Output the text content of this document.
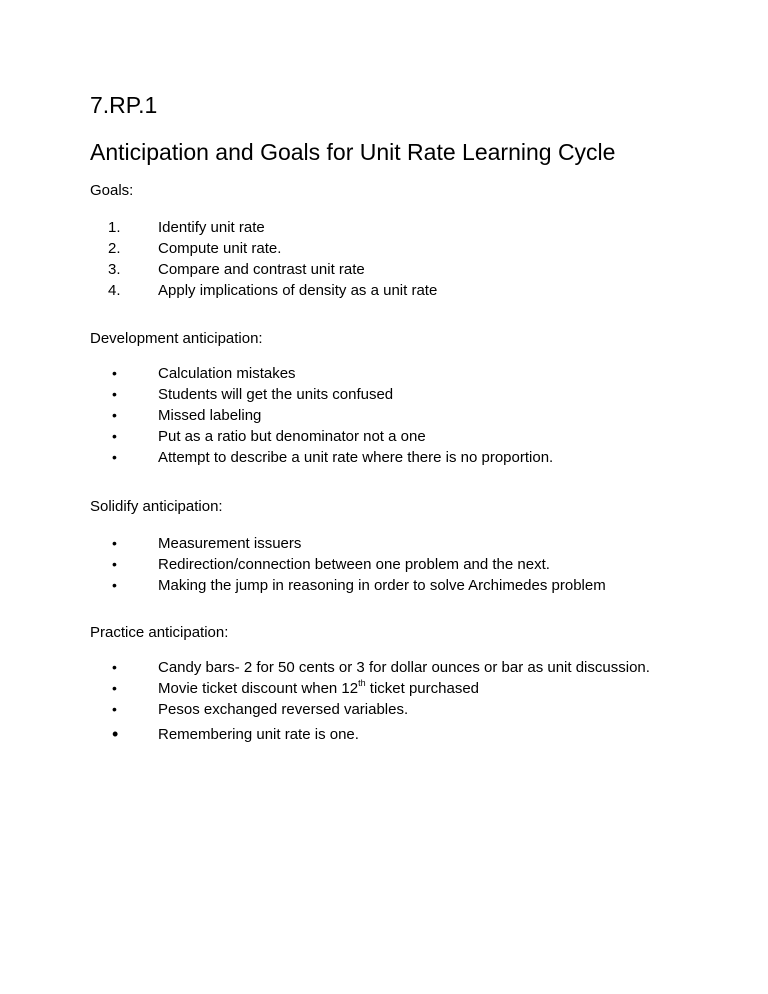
7.RP.1
Anticipation and Goals for Unit Rate Learning Cycle
Goals:
1. Identify unit rate
2. Compute unit rate.
3. Compare and contrast unit rate
4. Apply implications of density as a unit rate
Development anticipation:
•	Calculation mistakes
•	Students will get the units confused
•	Missed labeling
•	Put as a ratio but denominator not a one
•	Attempt to describe a unit rate where there is no proportion.
Solidify anticipation:
•	Measurement issuers
•	Redirection/connection between one problem and the next.
•	Making the jump in reasoning in order to solve Archimedes problem
Practice anticipation:
•	Candy bars- 2 for 50 cents or 3 for dollar ounces or bar as unit discussion.
•	Movie ticket discount when 12th ticket purchased
•	Pesos exchanged reversed variables.
•	Remembering unit rate is one.
